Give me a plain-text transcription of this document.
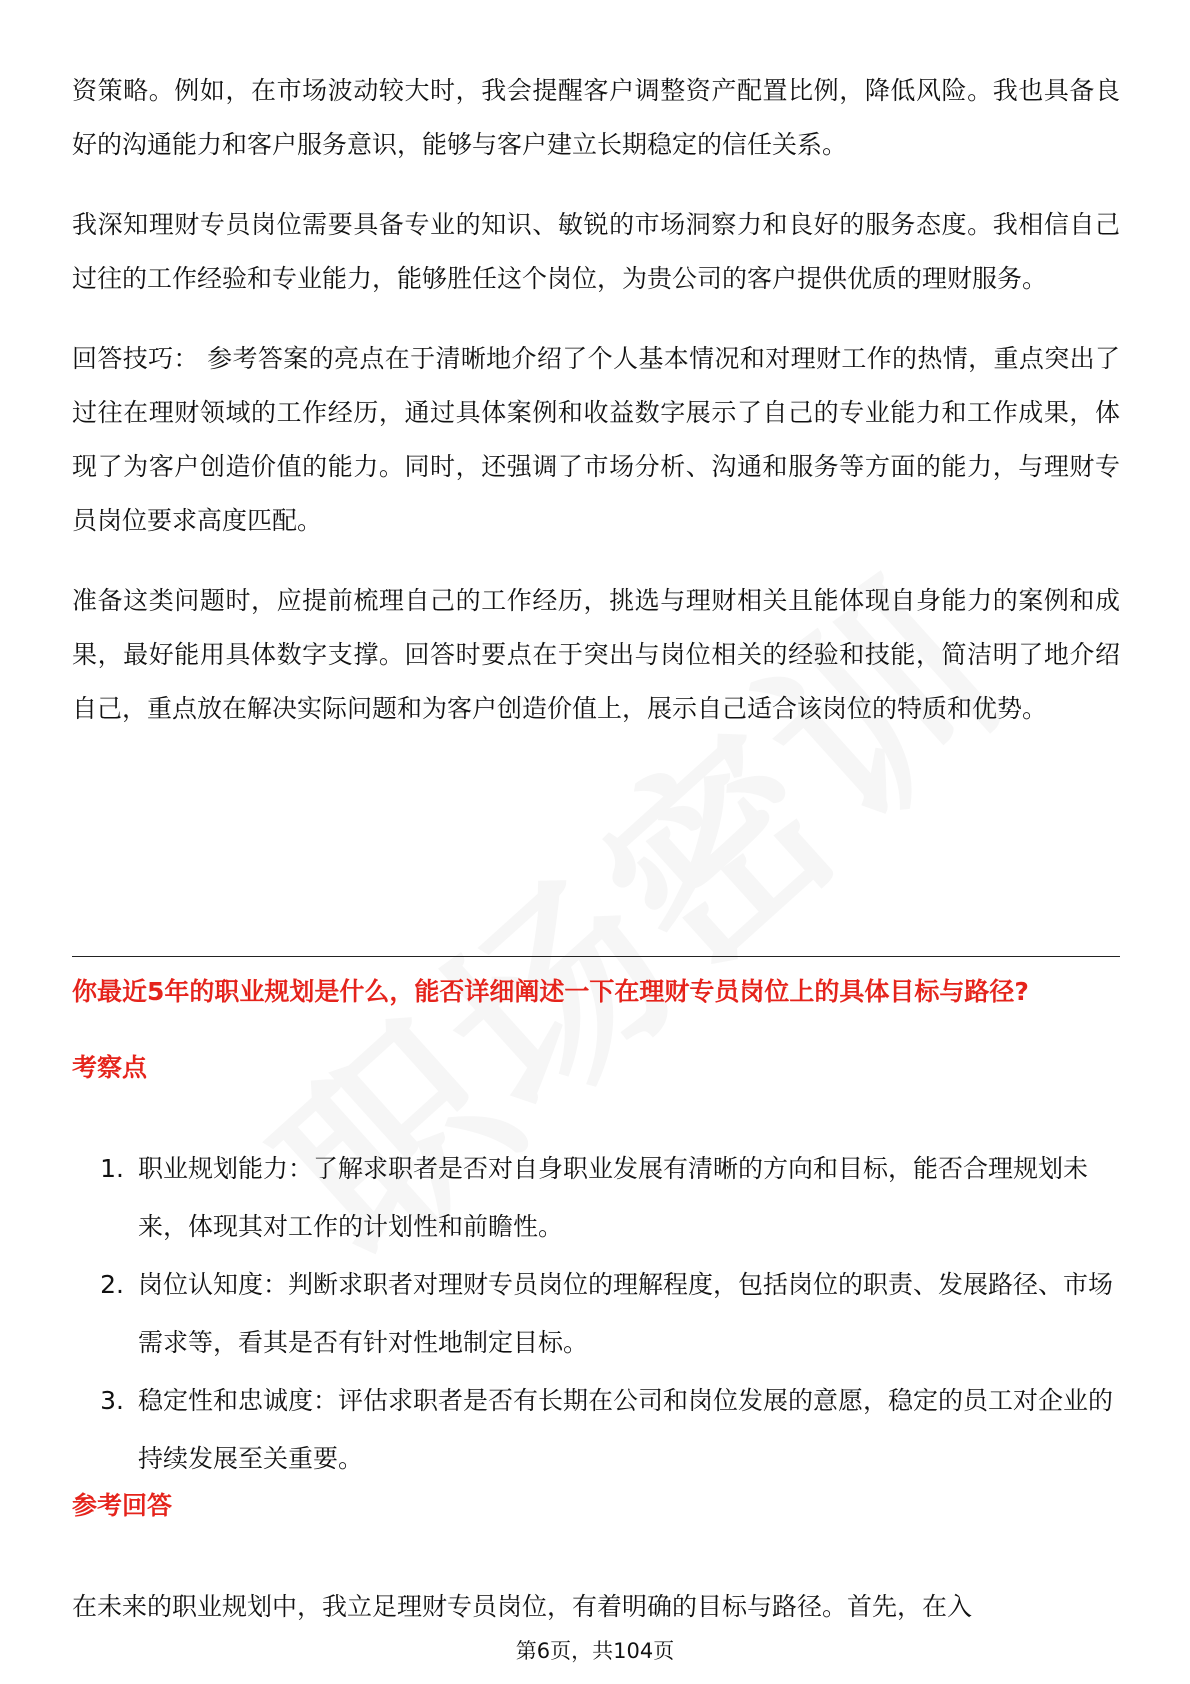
资策略。例如，在市场波动较大时，我会提醒客户调整资产配置比例，降低风险。我也具备良好的沟通能力和客户服务意识，能够与客户建立长期稳定的信任关系。

我深知理财专员岗位需要具备专业的知识、敏锐的市场洞察力和良好的服务态度。我相信自己过往的工作经验和专业能力，能够胜任这个岗位，为贵公司的客户提供优质的理财服务。

回答技巧： 参考答案的亮点在于清晰地介绍了个人基本情况和对理财工作的热情，重点突出了过往在理财领域的工作经历，通过具体案例和收益数字展示了自己的专业能力和工作成果，体现了为客户创造价值的能力。同时，还强调了市场分析、沟通和服务等方面的能力，与理财专员岗位要求高度匹配。

准备这类问题时，应提前梳理自己的工作经历，挑选与理财相关且能体现自身能力的案例和成果，最好能用具体数字支撑。回答时要点在于突出与岗位相关的经验和技能，简洁明了地介绍自己，重点放在解决实际问题和为客户创造价值上，展示自己适合该岗位的特质和优势。

你最近5年的职业规划是什么，能否详细阐述一下在理财专员岗位上的具体目标与路径?

考察点

1. 职业规划能力：了解求职者是否对自身职业发展有清晰的方向和目标，能否合理规划未来，体现其对工作的计划性和前瞻性。
2. 岗位认知度：判断求职者对理财专员岗位的理解程度，包括岗位的职责、发展路径、市场需求等，看其是否有针对性地制定目标。
3. 稳定性和忠诚度：评估求职者是否有长期在公司和岗位发展的意愿，稳定的员工对企业的持续发展至关重要。

参考回答

在未来的职业规划中，我立足理财专员岗位，有着明确的目标与路径。首先，在入

第6页，共104页
